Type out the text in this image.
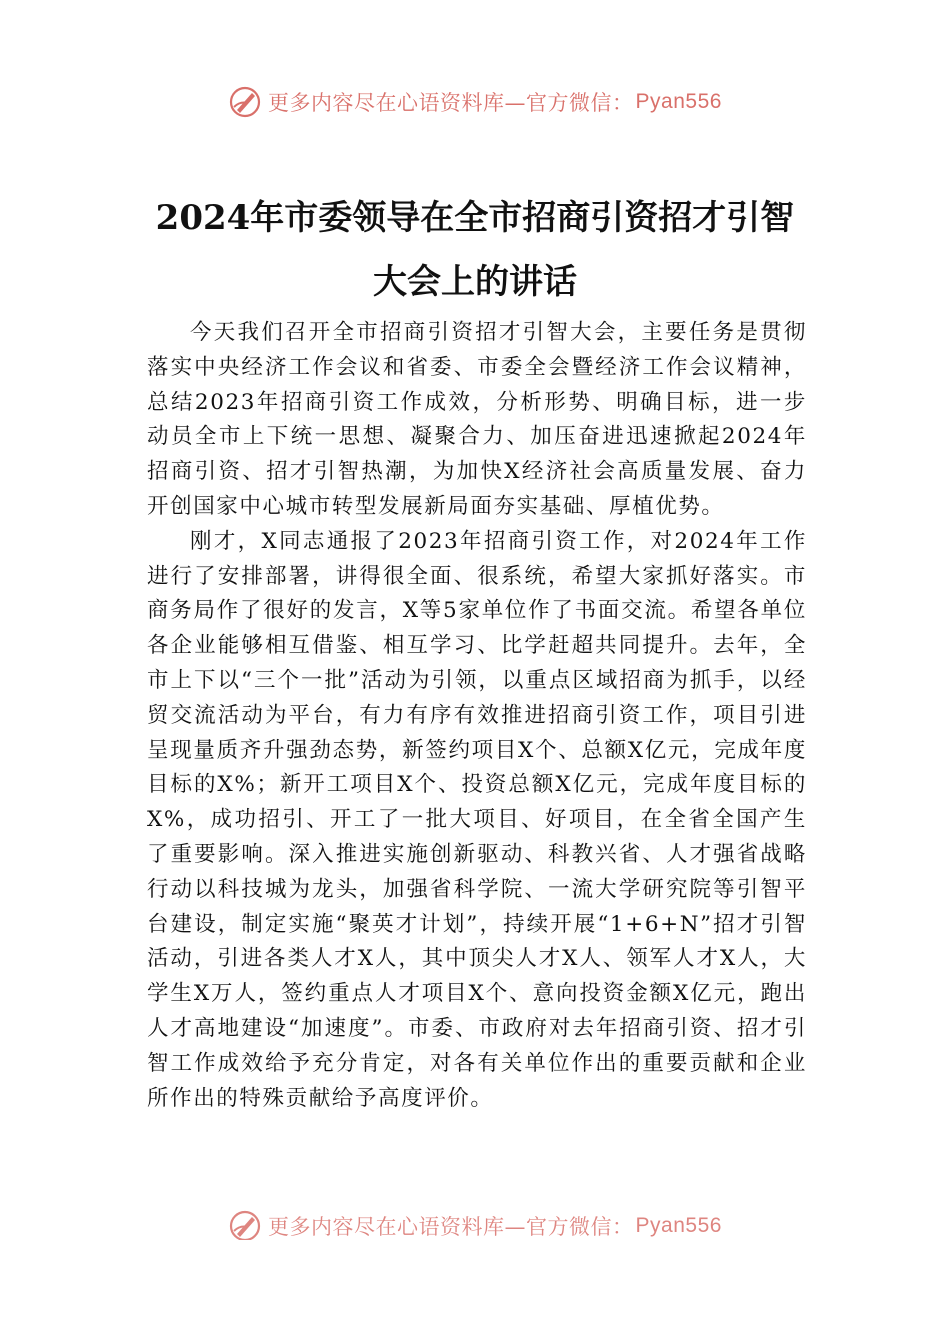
更多内容尽在心语资料库—官方微信： Pyan556
2024年市委领导在全市招商引资招才引智
大会上的讲话

今天我们召开全市招商引资招才引智大会，主要任务是贯彻落实中央经济工作会议和省委、市委全会暨经济工作会议精神，总结2023年招商引资工作成效，分析形势、明确目标，进一步动员全市上下统一思想、凝聚合力、加压奋进迅速掀起2024年招商引资、招才引智热潮，为加快X经济社会高质量发展、奋力开创国家中心城市转型发展新局面夯实基础、厚植优势。

刚才，X同志通报了2023年招商引资工作，对2024年工作进行了安排部署，讲得很全面、很系统，希望大家抓好落实。市商务局作了很好的发言，X等5家单位作了书面交流。希望各单位各企业能够相互借鉴、相互学习、比学赶超共同提升。去年，全市上下以“三个一批”活动为引领，以重点区域招商为抓手，以经贸交流活动为平台，有力有序有效推进招商引资工作，项目引进呈现量质齐升强劲态势，新签约项目X个、总额X亿元，完成年度目标的X%；新开工项目X个、投资总额X亿元，完成年度目标的X%，成功招引、开工了一批大项目、好项目，在全省全国产生了重要影响。深入推进实施创新驱动、科教兴省、人才强省战略行动以科技城为龙头，加强省科学院、一流大学研究院等引智平台建设，制定实施“聚英才计划”，持续开展“1+6+N”招才引智活动，引进各类人才X人，其中顶尖人才X人、领军人才X人，大学生X万人，签约重点人才项目X个、意向投资金额X亿元，跑出人才高地建设“加速度”。市委、市政府对去年招商引资、招才引智工作成效给予充分肯定，对各有关单位作出的重要贡献和企业所作出的特殊贡献给予高度评价。

更多内容尽在心语资料库—官方微信： Pyan556
